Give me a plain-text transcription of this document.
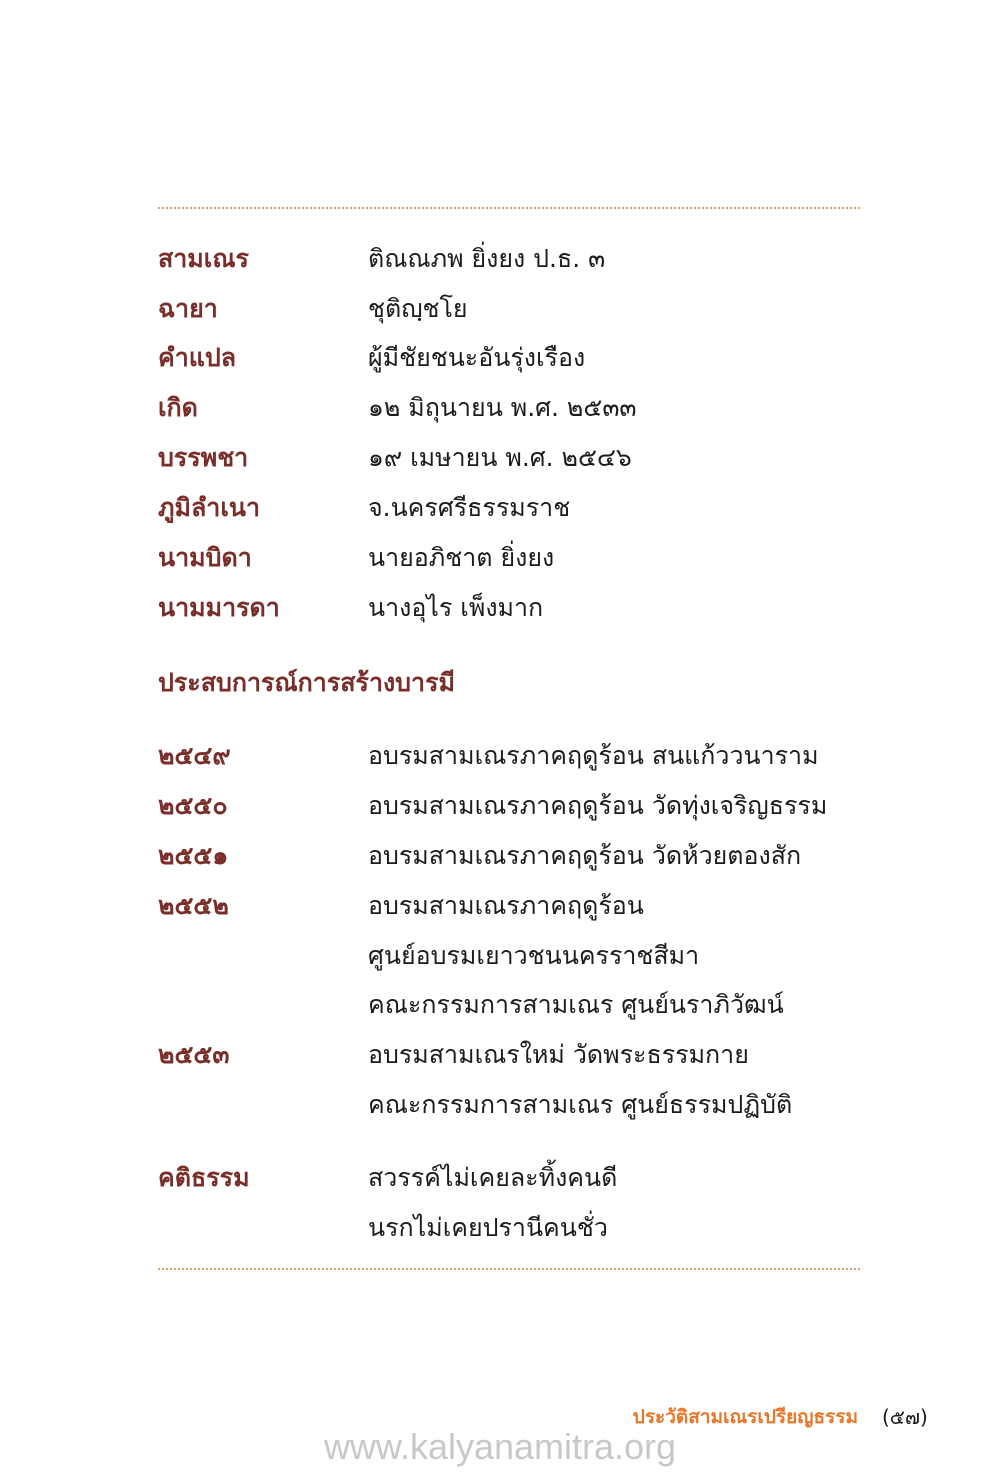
สามเณร	ติณณภพ ยิ่งยง ป.ธ. ๓
ฉายา	ชุติญฺชโย
คำแปล	ผู้มีชัยชนะอันรุ่งเรือง
เกิด	๑๒ มิถุนายน พ.ศ. ๒๕๓๓
บรรพชา	๑๙ เมษายน พ.ศ. ๒๕๔๖
ภูมิลำเนา	จ.นครศรีธรรมราช
นามบิดา	นายอภิชาต ยิ่งยง
นามมารดา	นางอุไร เพ็งมาก
ประสบการณ์การสร้างบารมี
๒๕๔๙	อบรมสามเณรภาคฤดูร้อน สนแก้ววนาราม
๒๕๕๐	อบรมสามเณรภาคฤดูร้อน วัดทุ่งเจริญธรรม
๒๕๕๑	อบรมสามเณรภาคฤดูร้อน วัดห้วยตองสัก
๒๕๕๒	อบรมสามเณรภาคฤดูร้อน
ศูนย์อบรมเยาวชนนครราชสีมา
คณะกรรมการสามเณร ศูนย์นราภิวัฒน์
๒๕๕๓	อบรมสามเณรใหม่ วัดพระธรรมกาย
คณะกรรมการสามเณร ศูนย์ธรรมปฏิบัติ
คติธรรม	สวรรค์ไม่เคยละทิ้งคนดี
นรกไม่เคยปรานีคนชั่ว
ประวัติสามเณรเปรียญธรรม (๕๗)
www.kalyanamitra.org
